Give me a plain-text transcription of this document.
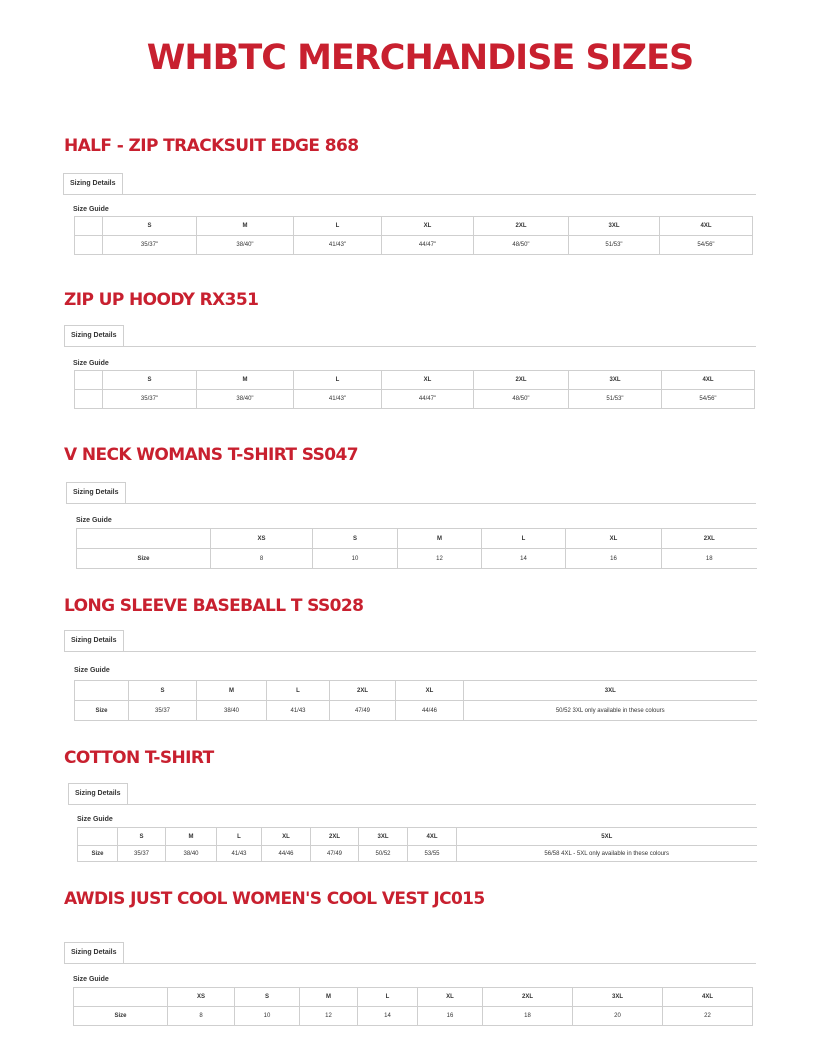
WHBTC MERCHANDISE SIZES
HALF - ZIP TRACKSUIT EDGE 868
Sizing Details
Size Guide
	S	M	L	XL	2XL	3XL	4XL
	35/37"	38/40"	41/43"	44/47"	48/50"	51/53"	54/56"
ZIP UP HOODY RX351
Sizing Details
Size Guide
	S	M	L	XL	2XL	3XL	4XL
	35/37"	38/40"	41/43"	44/47"	48/50"	51/53"	54/56"
V NECK WOMANS T-SHIRT SS047
Sizing Details
Size Guide
	XS	S	M	L	XL	2XL
Size	8	10	12	14	16	18
LONG SLEEVE BASEBALL T SS028
Sizing Details
Size Guide
	S	M	L	2XL	XL	3XL
Size	35/37	38/40	41/43	47/49	44/46	50/52 3XL only available in these colours
COTTON T-SHIRT
Sizing Details
Size Guide
	S	M	L	XL	2XL	3XL	4XL	5XL
Size	35/37	38/40	41/43	44/46	47/49	50/52	53/55	56/58 4XL - 5XL only available in these colours
AWDIS JUST COOL WOMEN'S COOL VEST JC015
Sizing Details
Size Guide
	XS	S	M	L	XL	2XL	3XL	4XL
Size	8	10	12	14	16	18	20	22
